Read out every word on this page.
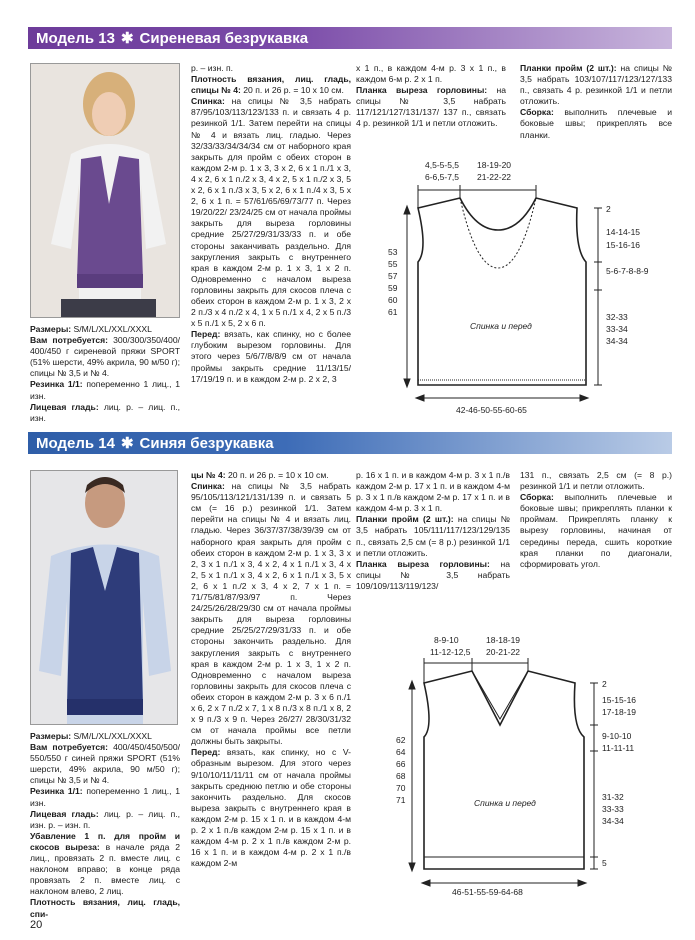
Модель 13 ✱ Сиреневая безрукавка

Размеры: S/M/L/XL/XXL/XXXL

Вам потребуется: 300/300/350/400/ 400/450 г сиреневой пряжи SPORT (51% шерсти, 49% акрила, 90 м/50 г); спицы № 3,5 и № 4.

Резинка 1/1: попеременно 1 лиц., 1 изн.

Лицевая гладь: лиц. р. – лиц. п., изн.

р. – изн. п.

Плотность вязания, лиц. гладь, спицы № 4: 20 п. и 26 р. = 10 х 10 см.

Спинка: на спицы № 3,5 набрать 87/95/103/113/123/133 п. и связать 4 р. резинкой 1/1. Затем перейти на спицы № 4 и вязать лиц. гладью. Через 32/33/33/34/34/34 см от наборного края закрыть для пройм с обеих сторон в каждом 2-м р. 1 х 3, 3 х 2, 6 х 1 п./1 х 3, 4 х 2, 6 х 1 п./2 х 3, 4 х 2, 5 х 1 п./2 х 3, 5 х 2, 6 х 1 п./3 х 3, 5 х 2, 6 х 1 п./4 х 3, 5 х 2, 6 х 1 п. = 57/61/65/69/73/77 п. Через 19/20/22/ 23/24/25 см от начала проймы закрыть для выреза горловины средние 25/27/29/31/33/33 п. и обе стороны заканчивать раздельно. Для закругления закрыть с внутреннего края в каждом 2-м р. 1 х 3, 1 х 2 п. Одновременно с началом выреза горловины закрыть для скосов плеча с обеих сторон в каждом 2-м р. 1 х 3, 2 х 2 п./3 х 4 п./2 х 4, 1 х 5 п./1 х 4, 2 х 5 п./3 х 5 п./1 х 5, 2 х 6 п.

Перед: вязать, как спинку, но с более глубоким вырезом горловины. Для этого через 5/6/7/8/8/9 см от начала проймы закрыть средние 11/13/15/ 17/19/19 п. и в каждом 2-м р. 2 х 2, 3

х 1 п., в каждом 4-м р. 3 х 1 п., в каждом 6-м р. 2 х 1 п.

Планка выреза горловины: на спицы № 3,5 набрать 117/121/127/131/137/ 137 п., связать 4 р. резинкой 1/1 и петли отложить.

Планки пройм (2 шт.): на спицы № 3,5 набрать 103/107/117/123/127/133 п., связать 4 р. резинкой 1/1 и петли отложить.

Сборка: выполнить плечевые и боковые швы; прикреплять все планки.

4,5-5-5,5
6-6,5-7,5
18-19-20
21-22-22
2
14-14-15
15-16-16
5-6-7-8-8-9
32-33
33-34
34-34
53
55
57
59
60
61
Спинка и перед
42-46-50-55-60-65
Модель 14 ✱ Синяя безрукавка

Размеры: S/M/L/XL/XXL/XXXL

Вам потребуется: 400/450/450/500/ 550/550 г синей пряжи SPORT (51% шерсти, 49% акрила, 90 м/50 г); спицы № 3,5 и № 4.

Резинка 1/1: попеременно 1 лиц., 1 изн.

Лицевая гладь: лиц. р. – лиц. п., изн. р. – изн. п.

Убавление 1 п. для пройм и скосов выреза: в начале ряда 2 лиц., провязать 2 п. вместе лиц. с наклоном вправо; в конце ряда провязать 2 п. вместе лиц. с наклоном влево, 2 лиц.

Плотность вязания, лиц. гладь, спи-

цы № 4: 20 п. и 26 р. = 10 х 10 см.

Спинка: на спицы № 3,5 набрать 95/105/113/121/131/139 п. и связать 5 см (= 16 р.) резинкой 1/1. Затем перейти на спицы № 4 и вязать лиц. гладью. Через 36/37/37/38/39/39 см от наборного края закрыть для пройм с обеих сторон в каждом 2-м р. 1 х 3, 3 х 2, 3 х 1 п./1 х 3, 4 х 2, 4 х 1 п./1 х 3, 4 х 2, 5 х 1 п./1 х 3, 4 х 2, 6 х 1 п./1 х 3, 5 х 2, 6 х 1 п./2 х 3, 4 х 2, 7 х 1 п. = 71/75/81/87/93/97 п. Через 24/25/26/28/29/30 см от начала проймы закрыть для выреза горловины средние 25/25/27/29/31/33 п. и обе стороны закончить раздельно. Для закругления закрыть с внутреннего края в каждом 2-м р. 1 х 3, 1 х 2 п. Одновременно с началом выреза горловины закрыть для скосов плеча с обеих сторон в каждом 2-м р. 3 х 6 п./1 х 6, 2 х 7 п./2 х 7, 1 х 8 п./3 х 8 п./1 х 8, 2 х 9 п./3 х 9 п. Через 26/27/ 28/30/31/32 см от начала проймы все петли должны быть закрыты.

Перед: вязать, как спинку, но с V-образным вырезом. Для этого через 9/10/10/11/11/11 см от начала проймы закрыть среднюю петлю и обе стороны закончить раздельно. Для скосов выреза закрыть с внутреннего края в каждом 2-м р. 15 х 1 п. и в каждом 4-м р. 2 х 1 п./в каждом 2-м р. 15 х 1 п. и в каждом 4-м р. 2 х 1 п./в каждом 2-м р. 16 х 1 п. и в каждом 4-м р. 2 х 1 п./в каждом 2-м

р. 16 х 1 п. и в каждом 4-м р. 3 х 1 п./в каждом 2-м р. 17 х 1 п. и в каждом 4-м р. 3 х 1 п./в каждом 2-м р. 17 х 1 п. и в каждом 4-м р. 3 х 1 п.

Планки пройм (2 шт.): на спицы № 3,5 набрать 105/111/117/123/129/135 п., связать 2,5 см (= 8 р.) резинкой 1/1 и петли отложить.

Планка выреза горловины: на спицы № 3,5 набрать 109/109/113/119/123/

131 п., связать 2,5 см (= 8 р.) резинкой 1/1 и петли отложить.

Сборка: выполнить плечевые и боковые швы; прикреплять планки к проймам. Прикреплять планку к вырезу горловины, начиная от середины переда, сшить короткие края планки по диагонали, сформировать угол.

8-9-10
11-12-12,5
18-18-19
20-21-22
2
15-15-16
17-18-19
9-10-10
11-11-11
31-32
33-33
34-34
5
62
64
66
68
70
71	Спинка и перед
46-51-55-59-64-68
20
